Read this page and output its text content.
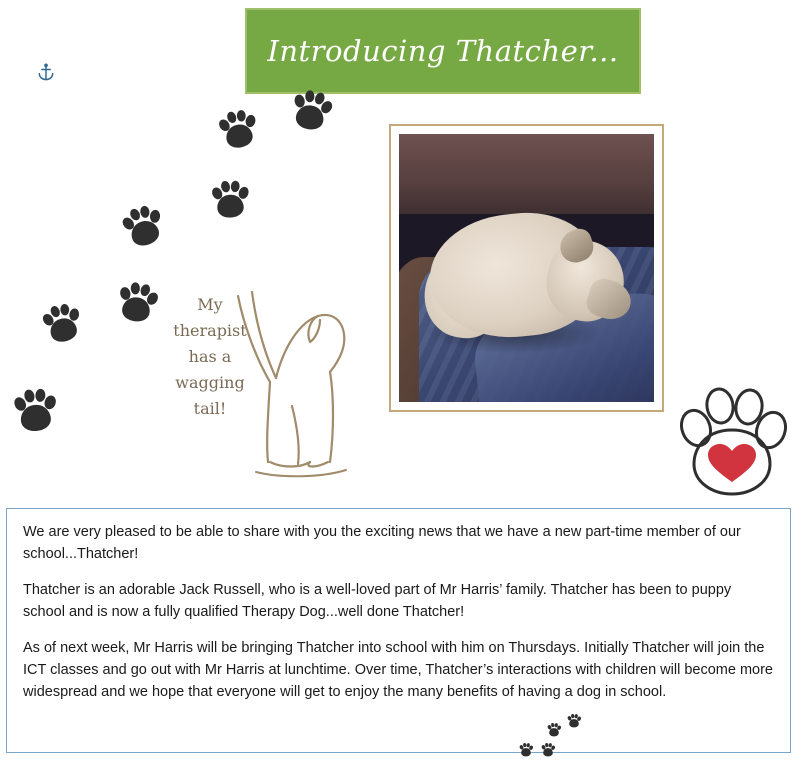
Introducing Thatcher...
My
therapist
has a
wagging
tail!

We are very pleased to be able to share with you the exciting news that we have a new part-time member of our school...Thatcher!

Thatcher is an adorable Jack Russell, who is a well-loved part of Mr Harris’ family. Thatcher has been to puppy school and is now a fully qualified Therapy Dog...well done Thatcher!

As of next week, Mr Harris will be bringing Thatcher into school with him on Thursdays. Initially Thatcher will join the ICT classes and go out with Mr Harris at lunchtime. Over time, Thatcher’s interactions with children will become more widespread and we hope that everyone will get to enjoy the many benefits of having a dog in school.
